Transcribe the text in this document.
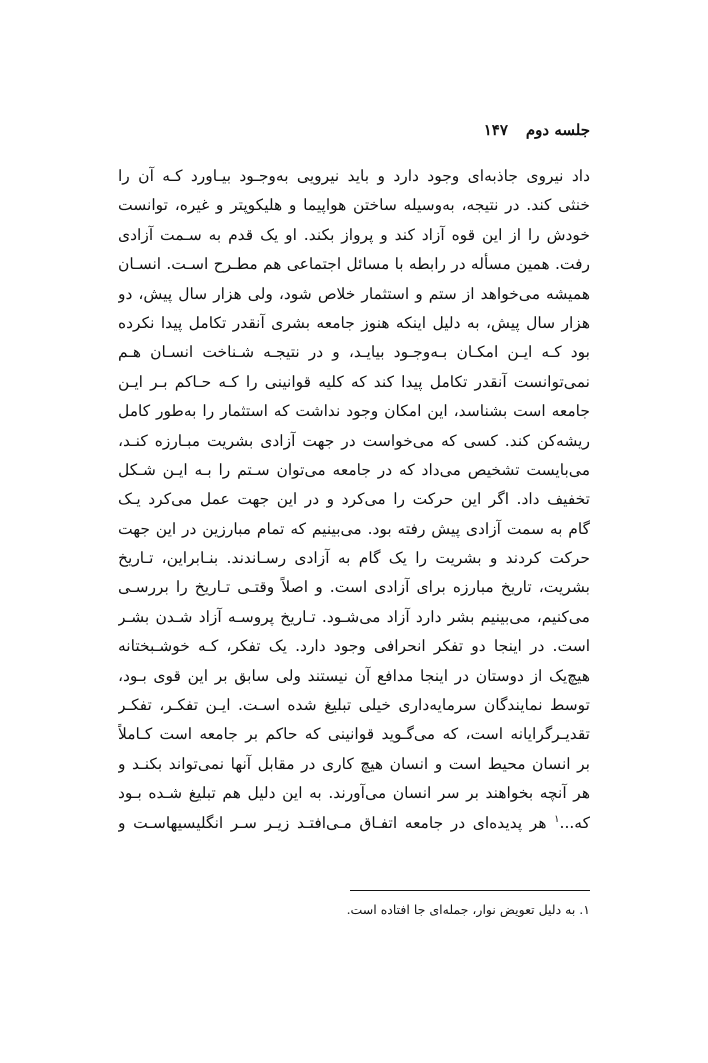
جلسه دوم۱۴۷
داد نیروی جاذبه‌ای وجود دارد و باید نیرویی به‌وجـود بیـاورد کـه آن را
خنثی کند. در نتیجه، به‌وسیله ساختن هواپیما و هلیکوپتر و غیره، توانست
خودش را از این قوه آزاد کند و پرواز بکند. او یک قدم به سـمت آزادی
رفت. همین مسأله در رابطه با مسائل اجتماعی هم مطـرح اسـت. انسـان
همیشه می‌خواهد از ستم و استثمار خلاص شود، ولی هزار سال پیش، دو
هزار سال پیش، به دلیل اینکه هنوز جامعه بشری آنقدر تکامل پیدا نکرده
بود کـه ایـن امکـان بـه‌وجـود بیایـد، و در نتیجـه شـناخت انسـان هـم
نمی‌توانست آنقدر تکامل پیدا کند که کلیه قوانینی را کـه حـاکم بـر ایـن
جامعه است بشناسد، این امکان وجود نداشت که استثمار را به‌طور کامل
ریشه‌کن کند. کسی که می‌خواست در جهت آزادی بشریت مبـارزه کنـد،
می‌بایست تشخیص می‌داد که در جامعه می‌توان سـتم را بـه ایـن شـکل
تخفیف داد. اگر این حرکت را می‌کرد و در این جهت عمل می‌کرد یـک
گام به سمت آزادی پیش رفته بود. می‌بینیم که تمام مبارزین در این جهت
حرکت کردند و بشریت را یک گام به آزادی رسـاندند. بنـابراین، تـاریخ
بشریت، تاریخ مبارزه برای آزادی است. و اصلاً وقتـی تـاریخ را بررسـی
می‌کنیم، می‌بینیم بشر دارد آزاد می‌شـود. تـاریخ پروسـه آزاد شـدن بشـر
است. در اینجا دو تفکر انحرافی وجود دارد. یک تفکر، کـه خوشـبختانه
هیچ‌یک از دوستان در اینجا مدافع آن نیستند ولی سابق بر این قوی بـود،
توسط نمایندگان سرمایه‌داری خیلی تبلیغ شده اسـت. ایـن تفکـر، تفکـر
تقدیـرگرایانه است، که می‌گـوید قوانینی که حاکم بر جامعه است کـاملاً
بر انسان محیط است و انسان هیچ کاری در مقابل آنها نمی‌تواند بکنـد و
هر آنچه بخواهند بر سر انسان می‌آورند. به این دلیل هم تبلیغ شـده بـود
که...$^۱$ هر پدیده‌ای در جامعه اتفـاق مـی‌افتـد زیـر سـر انگلیسیهاسـت و
۱. به دلیل تعویض نوار، جمله‌ای جا افتاده است.
